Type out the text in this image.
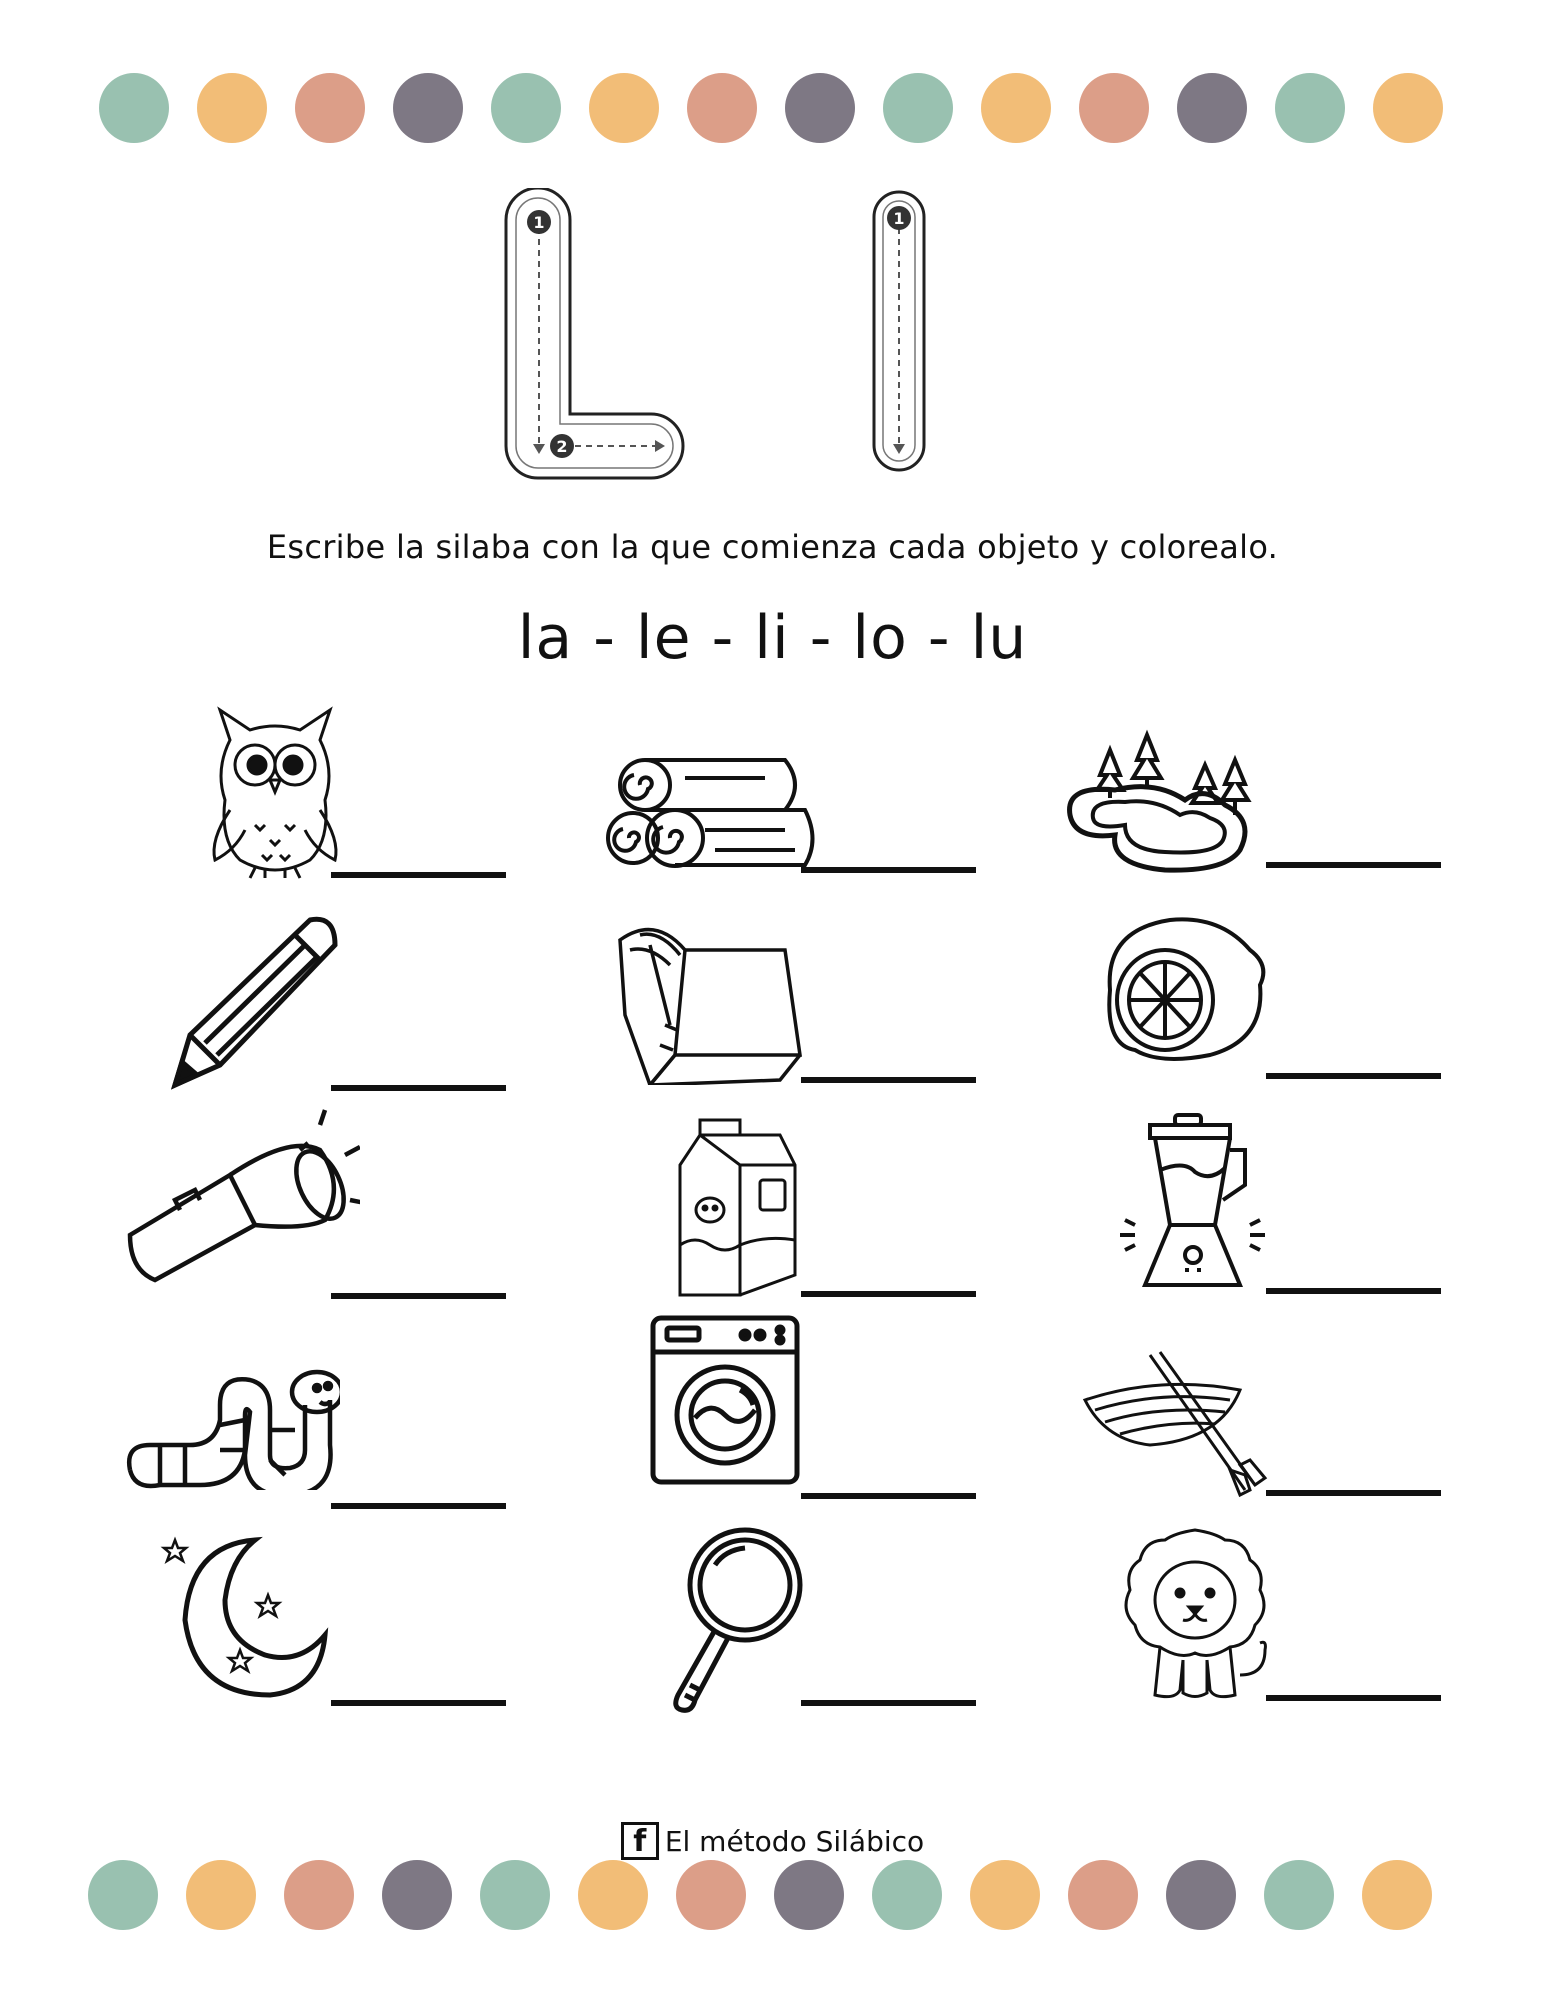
1
2
1
Escribe la silaba con la que comienza cada objeto y colorealo.
la - le - li - lo - lu
f El método Silábico
